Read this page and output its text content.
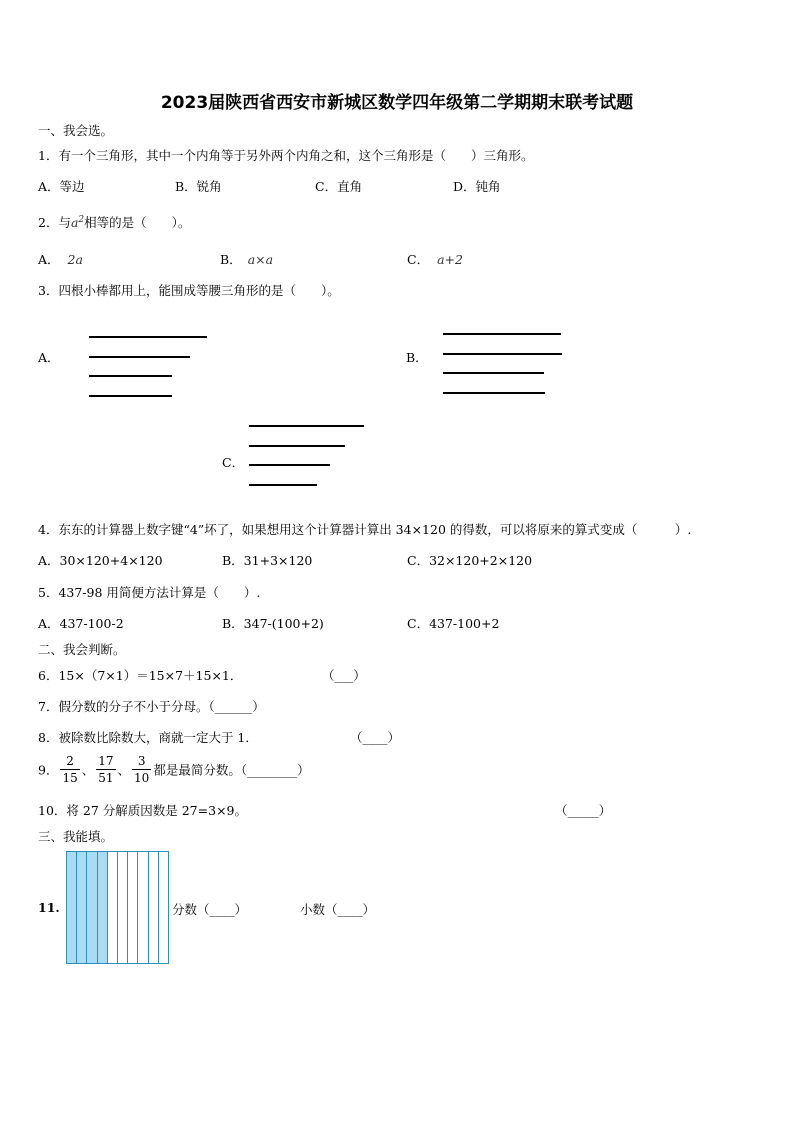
2023届陕西省西安市新城区数学四年级第二学期期末联考试题
一、我会选。
1．有一个三角形，其中一个内角等于另外两个内角之和，这个三角形是（　　）三角形。
A．等边	B．锐角	C．直角	D．钝角
2．与$a^2$相等的是（　　）。
A． 2a	B． a×a	C． a+2
3．四根小棒都用上，能围成等腰三角形的是（　　）。
A．	B．
C．
4．东东的计算器上数字键“4”坏了，如果想用这个计算器计算出 34×120 的得数，可以将原来的算式变成（　　　）.
A．30×120+4×120	B．31+3×120	C．32×120+2×120
5．437-98 用简便方法计算是（　　）.
A．437-100-2	B．347-(100+2)	C．437-100+2
二、我会判断。
6．15×（7×1）＝15×7＋15×1．	（___）
7．假分数的分子不小于分母。（______）
8．被除数比除数大，商就一定大于 1．	（____）
9． $\frac{2}{15}$ 、 $\frac{17}{51}$ 、 $\frac{3}{10}$ 都是最简分数。（________）
10．将 27 分解质因数是 27=3×9。	（_____）
三、我能填。
11.	分数（____）	小数（____）
